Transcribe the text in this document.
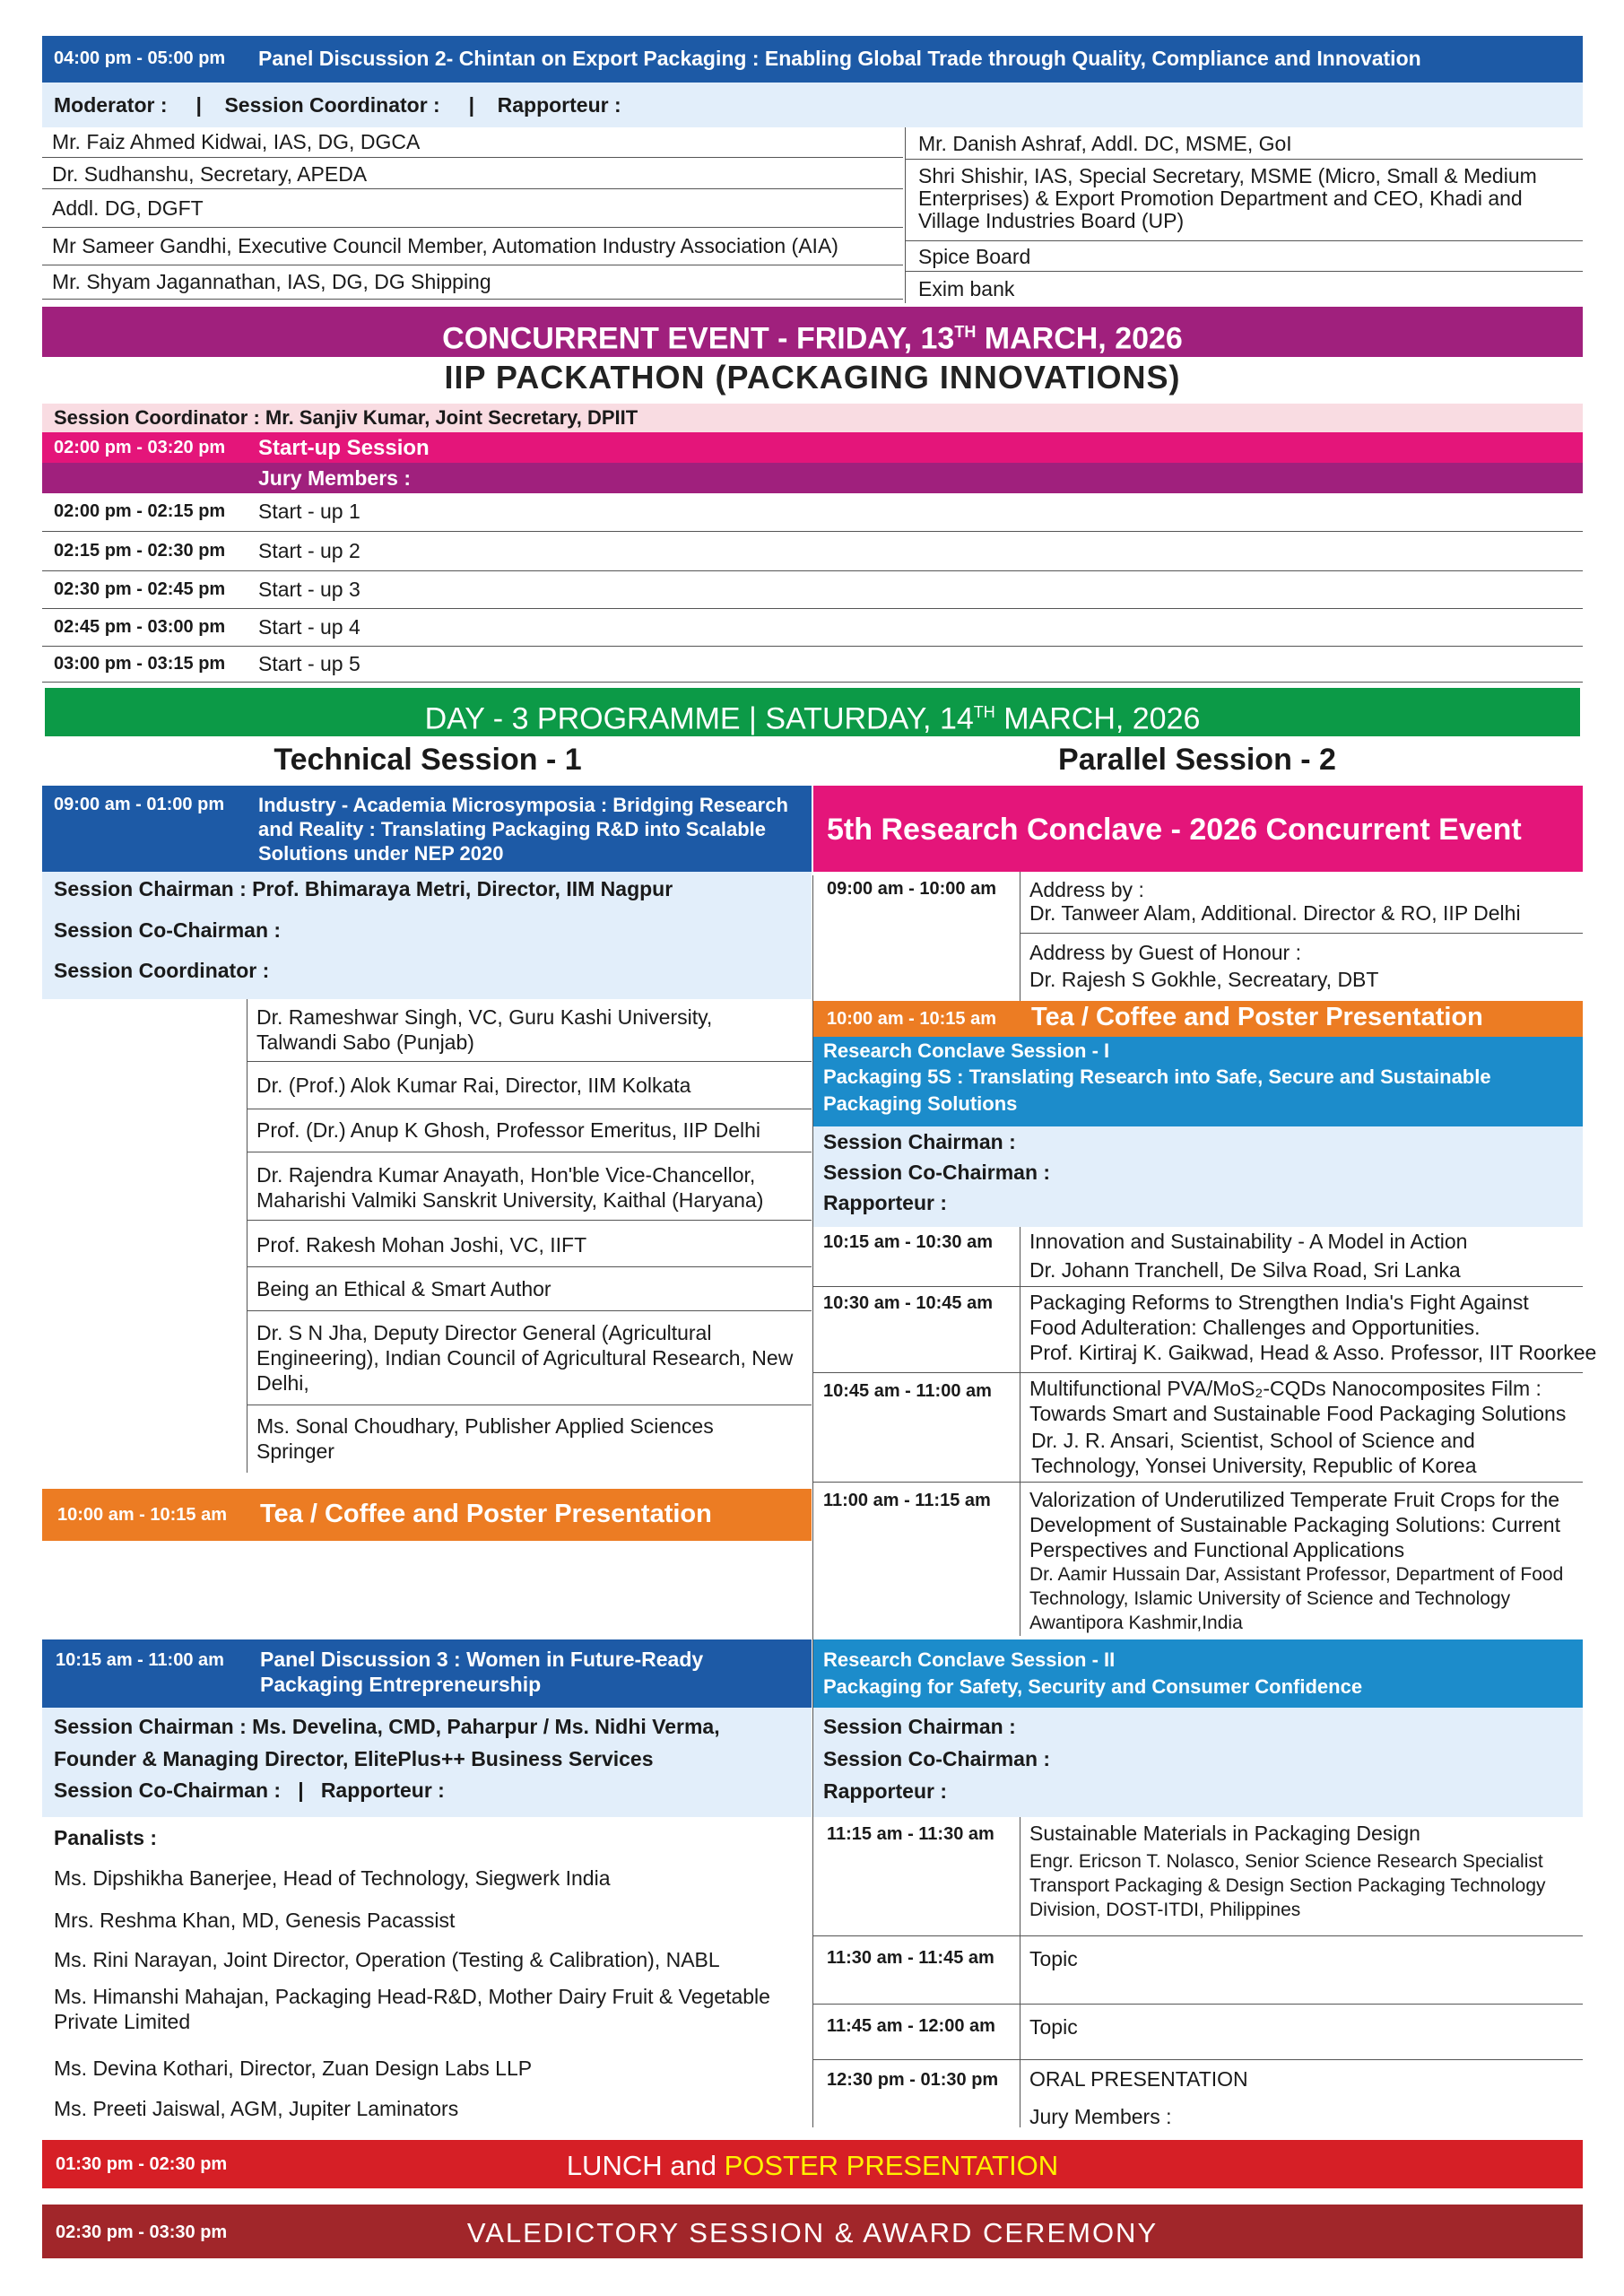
04:00 pm - 05:00 pm Panel Discussion 2- Chintan on Export Packaging : Enabling Global Trade through Quality, Compliance and Innovation
Moderator :     |    Session Coordinator :     |    Rapporteur :
Mr. Faiz Ahmed Kidwai, IAS, DG, DGCA
Dr. Sudhanshu, Secretary, APEDA
Addl. DG, DGFT
Mr Sameer Gandhi, Executive Council Member, Automation Industry Association (AIA)
Mr. Shyam Jagannathan, IAS, DG, DG Shipping
Mr. Danish Ashraf, Addl. DC, MSME, GoI
Shri Shishir, IAS, Special Secretary, MSME (Micro, Small & Medium Enterprises) & Export Promotion Department and CEO, Khadi and Village Industries Board (UP)
Spice Board
Exim bank
CONCURRENT EVENT - FRIDAY, 13TH MARCH, 2026
IIP PACKATHON (PACKAGING INNOVATIONS)
Session Coordinator : Mr. Sanjiv Kumar, Joint Secretary, DPIIT
02:00 pm - 03:20 pm Start-up Session
Jury Members :
02:00 pm - 02:15 pm Start - up 1
02:15 pm - 02:30 pm Start - up 2
02:30 pm - 02:45 pm Start - up 3
02:45 pm - 03:00 pm Start - up 4
03:00 pm - 03:15 pm Start - up 5
DAY - 3 PROGRAMME | SATURDAY, 14TH MARCH, 2026
Technical Session - 1	Parallel Session - 2
09:00 am - 01:00 pm Industry - Academia Microsymposia : Bridging Research and Reality : Translating Packaging R&D into Scalable Solutions under NEP 2020
Session Chairman : Prof. Bhimaraya Metri, Director, IIM Nagpur
Session Co-Chairman :
Session Coordinator :
Dr. Rameshwar Singh, VC, Guru Kashi University, Talwandi Sabo (Punjab)
Dr. (Prof.) Alok Kumar Rai, Director, IIM Kolkata
Prof. (Dr.) Anup K Ghosh, Professor Emeritus, IIP Delhi
Dr. Rajendra Kumar Anayath, Hon'ble Vice-Chancellor, Maharishi Valmiki Sanskrit University, Kaithal (Haryana)
Prof. Rakesh Mohan Joshi, VC, IIFT
Being an Ethical & Smart Author
Dr. S N Jha, Deputy Director General (Agricultural Engineering), Indian Council of Agricultural Research, New Delhi,
Ms. Sonal Choudhary, Publisher Applied Sciences Springer
10:00 am - 10:15 am Tea / Coffee and Poster Presentation
10:15 am - 11:00 am Panel Discussion 3 : Women in Future-Ready Packaging Entrepreneurship
Session Chairman : Ms. Develina, CMD, Paharpur / Ms. Nidhi Verma,
Founder & Managing Director, ElitePlus++ Business Services
Session Co-Chairman :   |   Rapporteur :
Panalists :
Ms. Dipshikha Banerjee, Head of Technology, Siegwerk India
Mrs. Reshma Khan, MD, Genesis Pacassist
Ms. Rini Narayan, Joint Director, Operation (Testing & Calibration), NABL
Ms. Himanshi Mahajan, Packaging Head-R&D, Mother Dairy Fruit & Vegetable Private Limited
Ms. Devina Kothari, Director, Zuan Design Labs LLP
Ms. Preeti Jaiswal, AGM, Jupiter Laminators
5th Research Conclave - 2026 Concurrent Event
09:00 am - 10:00 am Address by :
Dr. Tanweer Alam, Additional. Director & RO, IIP Delhi
Address by Guest of Honour :
Dr. Rajesh S Gokhle, Secreatary, DBT
10:00 am - 10:15 am Tea / Coffee and Poster Presentation
Research Conclave Session - I
Packaging 5S : Translating Research into Safe, Secure and Sustainable Packaging Solutions
Session Chairman :
Session Co-Chairman :
Rapporteur :
10:15 am - 10:30 am Innovation and Sustainability - A Model in Action
Dr. Johann Tranchell, De Silva Road, Sri Lanka
10:30 am - 10:45 am Packaging Reforms to Strengthen India's Fight Against Food Adulteration: Challenges and Opportunities.
Prof. Kirtiraj K. Gaikwad, Head & Asso. Professor, IIT Roorkee
10:45 am - 11:00 am Multifunctional PVA/MoS₂-CQDs Nanocomposites Film : Towards Smart and Sustainable Food Packaging Solutions
Dr. J. R. Ansari, Scientist, School of Science and Technology, Yonsei University, Republic of Korea
11:00 am - 11:15 am Valorization of Underutilized Temperate Fruit Crops for the Development of Sustainable Packaging Solutions: Current Perspectives and Functional Applications
Dr. Aamir Hussain Dar, Assistant Professor, Department of Food Technology, Islamic University of Science and Technology Awantipora Kashmir,India
Research Conclave Session - II
Packaging for Safety, Security and Consumer Confidence
Session Chairman :
Session Co-Chairman :
Rapporteur :
11:15 am - 11:30 am Sustainable Materials in Packaging Design
Engr. Ericson T. Nolasco, Senior Science Research Specialist Transport Packaging & Design Section Packaging Technology Division, DOST-ITDI, Philippines
11:30 am - 11:45 am Topic
11:45 am - 12:00 am Topic
12:30 pm - 01:30 pm ORAL PRESENTATION
Jury Members :
01:30 pm - 02:30 pm	LUNCH and POSTER PRESENTATION
02:30 pm - 03:30 pm	VALEDICTORY SESSION & AWARD CEREMONY
